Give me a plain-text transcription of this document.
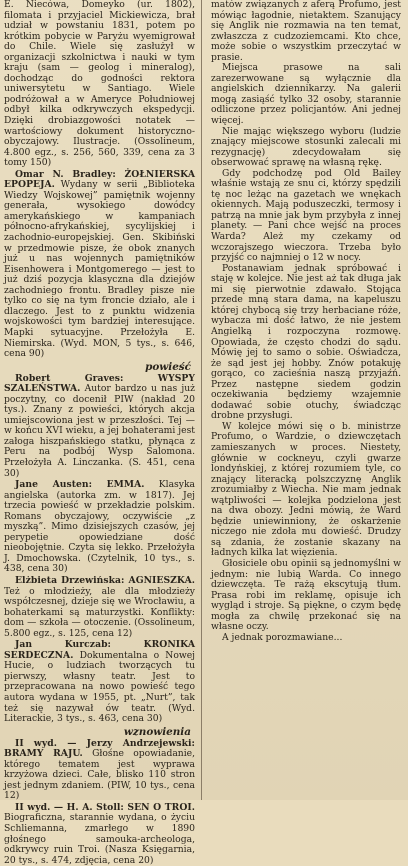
E. Niecówa, Domeyko (ur. 1802), filomata i przyjaciel Mickiewicza, brał udział w powstaniu 1831, potem po krótkim pobycie w Paryżu wyemigrował do Chile. Wiele się zasłużył w organizacji szkolnictwa i nauki w tym kraju (sam — geolog i mineralog), dochodząc do godności rektora uniwersytetu w Santiago. Wiele podróżował a w Ameryce Południowej odbył kilka odkrywczych ekspedycji. Dzięki drobiazgowości notatek — wartościowy dokument historyczno-obyczajowy. Ilustracje. (Ossolineum, 4.800 egz., s. 256, 560, 339, cena za 3 tomy 150)

Omar N. Bradley: ŻOŁNIERSKA EPOPEJA. Wydany w serii „Biblioteka Wiedzy Wojskowej” pamiętnik wojenny generała, wysokiego dowódcy amerykańskiego w kampaniach północno-afrykańskiej, sycylijskiej i zachodnio-europejskiej. Gen. Skibiński w przedmowie pisze, że obok znanych już u nas wojennych pamiętników Eisenhowera i Montgomerego — jest to już dziś pozycja klasyczna dla dziejów zachodniego frontu. Bradley pisze nie tylko co się na tym froncie działo, ale i dlaczego. Jest to z punktu widzenia wojskowości tym bardziej interesujące. Mapki sytuacyjne. Przełożyła E. Niemirska. (Wyd. MON, 5 tys., s. 646, cena 90)

powieść

Robert Graves: WYSPY SZALEŃSTWA. Autor bardzo u nas już poczytny, co docenił PIW (nakład 20 tys.). Znany z powieści, których akcja umiejscowiona jest w przeszłości. Tej — w końcu XVI wieku, a jej bohaterami jest załoga hiszpańskiego statku, płynąca z Peru na podbój Wysp Salomona. Przełożyła A. Linczanka. (S. 451, cena 30)

Jane Austen: EMMA. Klasyka angielska (autorka zm. w 1817). Jej trzecia powieść w przekładzie polskim. Romans obyczajowy, oczywiście „z myszką”. Mimo dzisiejszych czasów, jej perypetie opowiedziane dość nieobojętnie. Czyta się lekko. Przełożyła J. Dmochowska. (Czytelnik, 10 tys., s. 438, cena 30)

Elżbieta Drzewińska: AGNIESZKA. Też o młodzieży, ale dla młodzieży współczesnej, dzieje się we Wrocławiu, a bohaterkami są maturzystki. Konflikty: dom — szkoła — otoczenie. (Ossolineum, 5.800 egz., s. 125, cena 12)

Jan Kurczab: KRONIKA SERDECZNA. Dokumentalna o Nowej Hucie, o ludziach tworzących tu pierwszy, własny teatr. Jest to przepracowana na nowo powieść tego autora wydana w 1955, pt. „Nurt”, tak też się nazywał ów teatr. (Wyd. Literackie, 3 tys., s. 463, cena 30)

wznowienia

II wyd. — Jerzy Andrzejewski: BRAMY RAJU. Głośne opowiadanie, którego tematem jest wyprawa krzyżowa dzieci. Całe, blisko 110 stron jest jednym zdaniem. (PIW, 10 tys., cena 12)

II wyd. — H. A. Stoll: SEN O TROI. Biograficzna, starannie wydana, o życiu Schliemanna, zmarłego w 1890 głośnego samouka-archeologa, odkrywcy ruin Troi. (Nasza Księgarnia, 20 tys., s. 474, zdjęcia, cena 20)

matów związanych z aferą Profumo, jest mówiąc łagodnie, nietaktem. Szanujący się Anglik nie rozmawia na ten temat, zwłaszcza z cudzoziemcami. Kto chce, może sobie o wszystkim przeczytać w prasie.

Miejsca prasowe na sali zarezerwowane są wyłącznie dla angielskich dziennikarzy. Na galerii mogą zasiąść tylko 32 osoby, starannie odliczone przez policjantów. Ani jednej więcej.

Nie mając większego wyboru (ludzie znający miejscowe stosunki zalecali mi rezygnację) zdecydowałam się obserwować sprawę na własną rękę.

Gdy podchodzę pod Old Bailey właśnie wstają ze snu ci, którzy spędzili tę noc leżąc na gazetach we wnękach okiennych. Mają poduszeczki, termosy i patrzą na mnie jak bym przybyła z innej planety. — Pani chce wejść na proces Warda? Ależ my czekamy od wczorajszego wieczora. Trzeba było przyjść co najmniej o 12 w nocy.

Postanawiam jednak spróbować i staję w kolejce. Nie jest aż tak długa jak mi się pierwotnie zdawało. Stojąca przede mną stara dama, na kapeluszu której chybocą się trzy herbaciane róże, wybacza mi dość łatwo, że nie jestem Angielką i rozpoczyna rozmowę. Opowiada, że często chodzi do sądu. Mówię jej to samo o sobie. Oświadcza, że sąd jest jej hobby. Znów potakuję gorąco, co zacieśnia naszą przyjaźń. Przez następne siedem godzin oczekiwania będziemy wzajemnie dodawać sobie otuchy, świadcząc drobne przysługi.

W kolejce mówi się o b. ministrze Profumo, o Wardzie, o dziewczętach zamieszanych w proces. Niestety, głównie w cockneyu, czyli gwarze londyńskiej, z której rozumiem tyle, co znający literacką polszczyznę Anglik zrozumiałby z Wiecha. Nie mam jednak wątpliwości — kolejka podzielona jest na dwa obozy. Jedni mówią, że Ward będzie uniewinniony, że oskarżenie niczego nie zdoła mu dowieść. Drudzy są zdania, że zostanie skazany na ładnych kilka lat więzienia.

Głosiciele obu opinii są jednomyślni w jednym: nie lubią Warda. Co innego dziewczęta. Te rażą ekscytują tłum. Prasa robi im reklamę, opisuje ich wygląd i stroje. Są piękne, o czym będę mogła za chwilę przekonać się na własne oczy.

A jednak porozmawiane...
